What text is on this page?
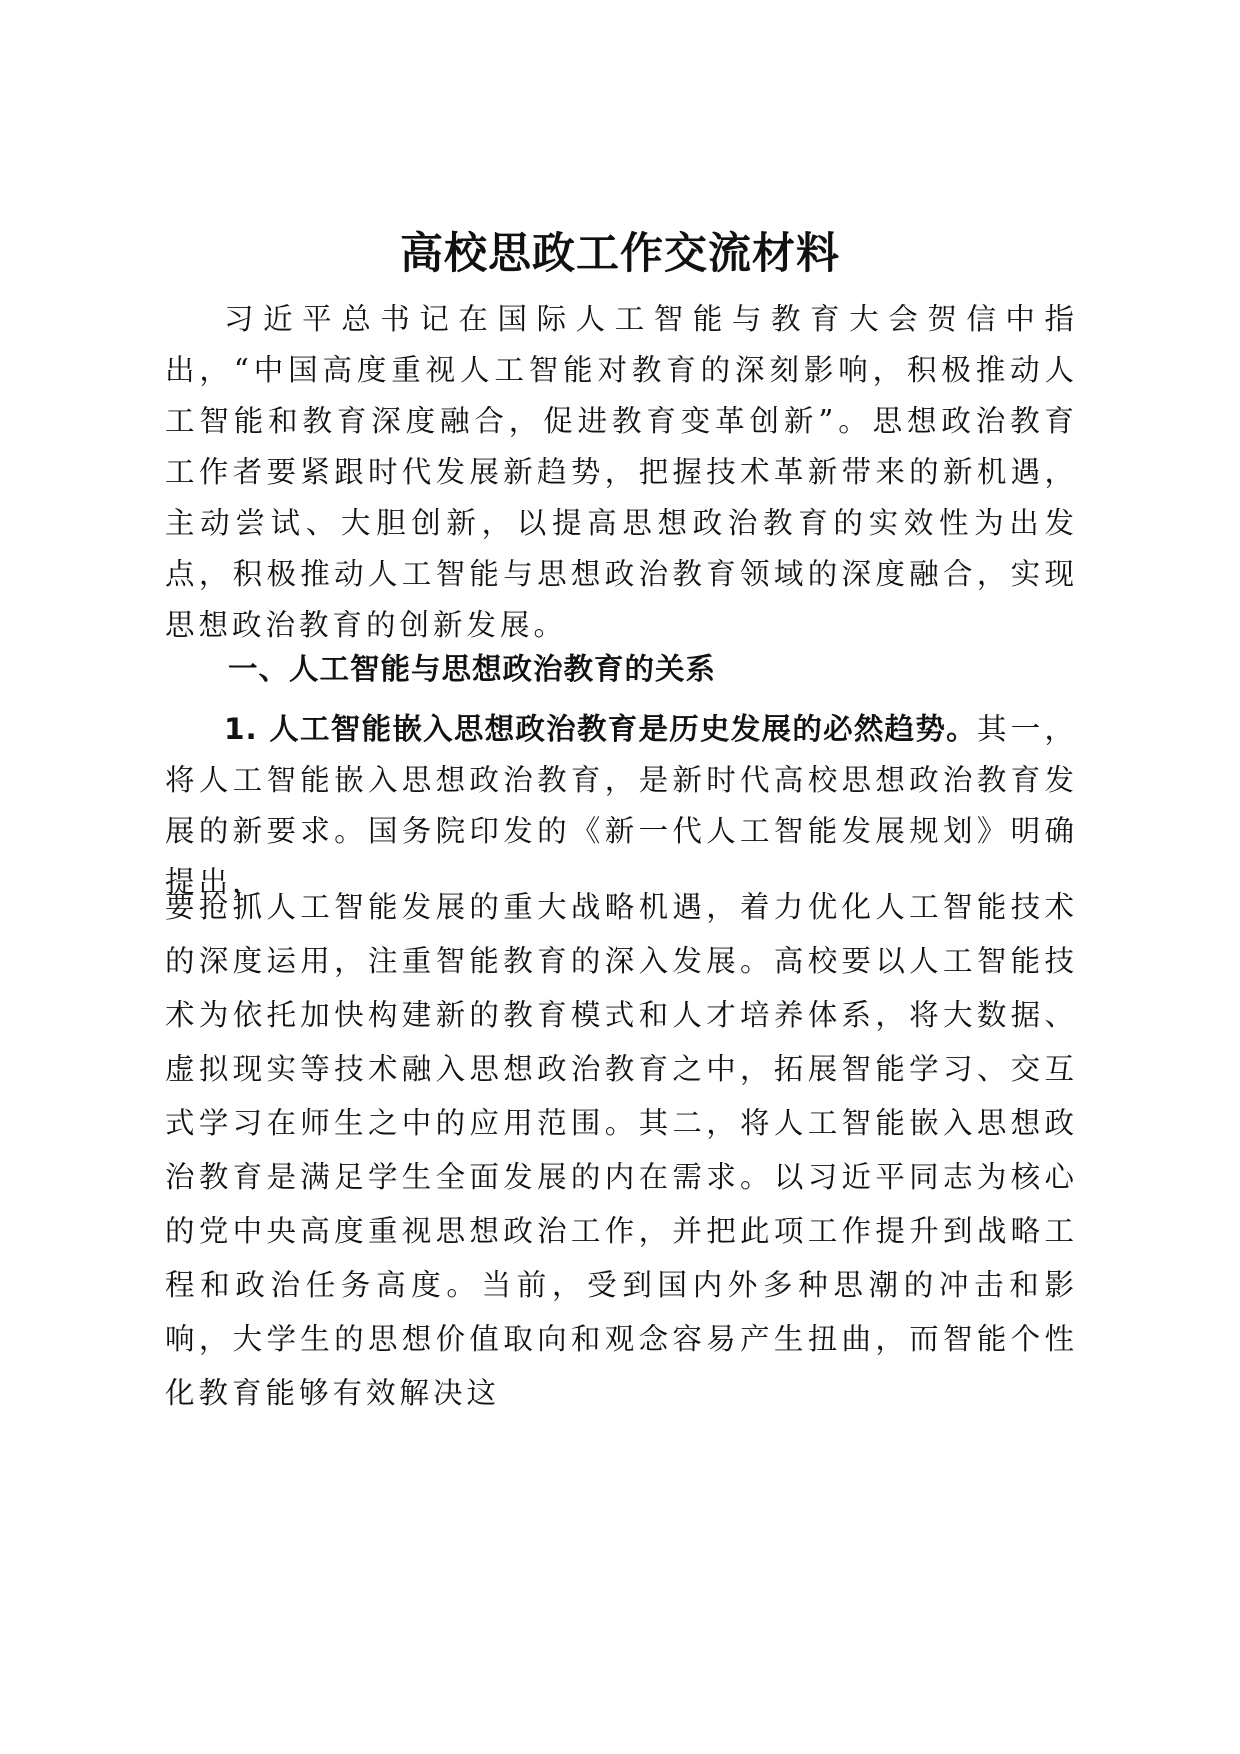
高校思政工作交流材料

习近平总书记在国际人工智能与教育大会贺信中指出，“中国高度重视人工智能对教育的深刻影响，积极推动人工智能和教育深度融合，促进教育变革创新”。思想政治教育工作者要紧跟时代发展新趋势，把握技术革新带来的新机遇，主动尝试、大胆创新，以提高思想政治教育的实效性为出发点，积极推动人工智能与思想政治教育领域的深度融合，实现思想政治教育的创新发展。

一、人工智能与思想政治教育的关系

1. 人工智能嵌入思想政治教育是历史发展的必然趋势。其一，将人工智能嵌入思想政治教育，是新时代高校思想政治教育发展的新要求。国务院印发的《新一代人工智能发展规划》明确提出，

要抢抓人工智能发展的重大战略机遇，着力优化人工智能技术的深度运用，注重智能教育的深入发展。高校要以人工智能技术为依托加快构建新的教育模式和人才培养体系，将大数据、虚拟现实等技术融入思想政治教育之中，拓展智能学习、交互式学习在师生之中的应用范围。其二，将人工智能嵌入思想政治教育是满足学生全面发展的内在需求。以习近平同志为核心的党中央高度重视思想政治工作，并把此项工作提升到战略工程和政治任务高度。当前，受到国内外多种思潮的冲击和影响，大学生的思想价值取向和观念容易产生扭曲，而智能个性化教育能够有效解决这
